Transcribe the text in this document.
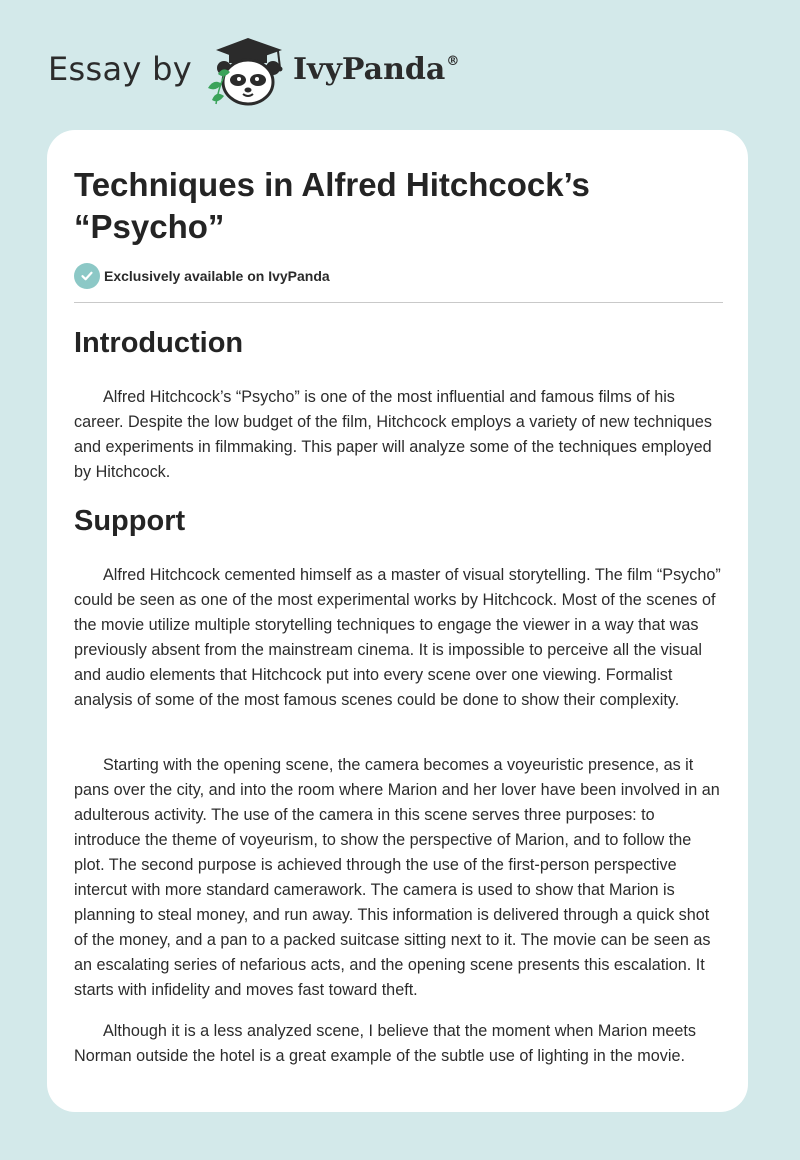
Essay by	IvyPanda®
Techniques in Alfred Hitchcock’s “Psycho”
Exclusively available on IvyPanda
Introduction

Alfred Hitchcock’s “Psycho” is one of the most influential and famous films of his career. Despite the low budget of the film, Hitchcock employs a variety of new techniques and experiments in filmmaking. This paper will analyze some of the techniques employed by Hitchcock.

Support

Alfred Hitchcock cemented himself as a master of visual storytelling. The film “Psycho” could be seen as one of the most experimental works by Hitchcock. Most of the scenes of the movie utilize multiple storytelling techniques to engage the viewer in a way that was previously absent from the mainstream cinema. It is impossible to perceive all the visual and audio elements that Hitchcock put into every scene over one viewing. Formalist analysis of some of the most famous scenes could be done to show their complexity.

Starting with the opening scene, the camera becomes a voyeuristic presence, as it pans over the city, and into the room where Marion and her lover have been involved in an adulterous activity. The use of the camera in this scene serves three purposes: to introduce the theme of voyeurism, to show the perspective of Marion, and to follow the plot. The second purpose is achieved through the use of the first-person perspective intercut with more standard camerawork. The camera is used to show that Marion is planning to steal money, and run away. This information is delivered through a quick shot of the money, and a pan to a packed suitcase sitting next to it. The movie can be seen as an escalating series of nefarious acts, and the opening scene presents this escalation. It starts with infidelity and moves fast toward theft.

Although it is a less analyzed scene, I believe that the moment when Marion meets Norman outside the hotel is a great example of the subtle use of lighting in the movie.
